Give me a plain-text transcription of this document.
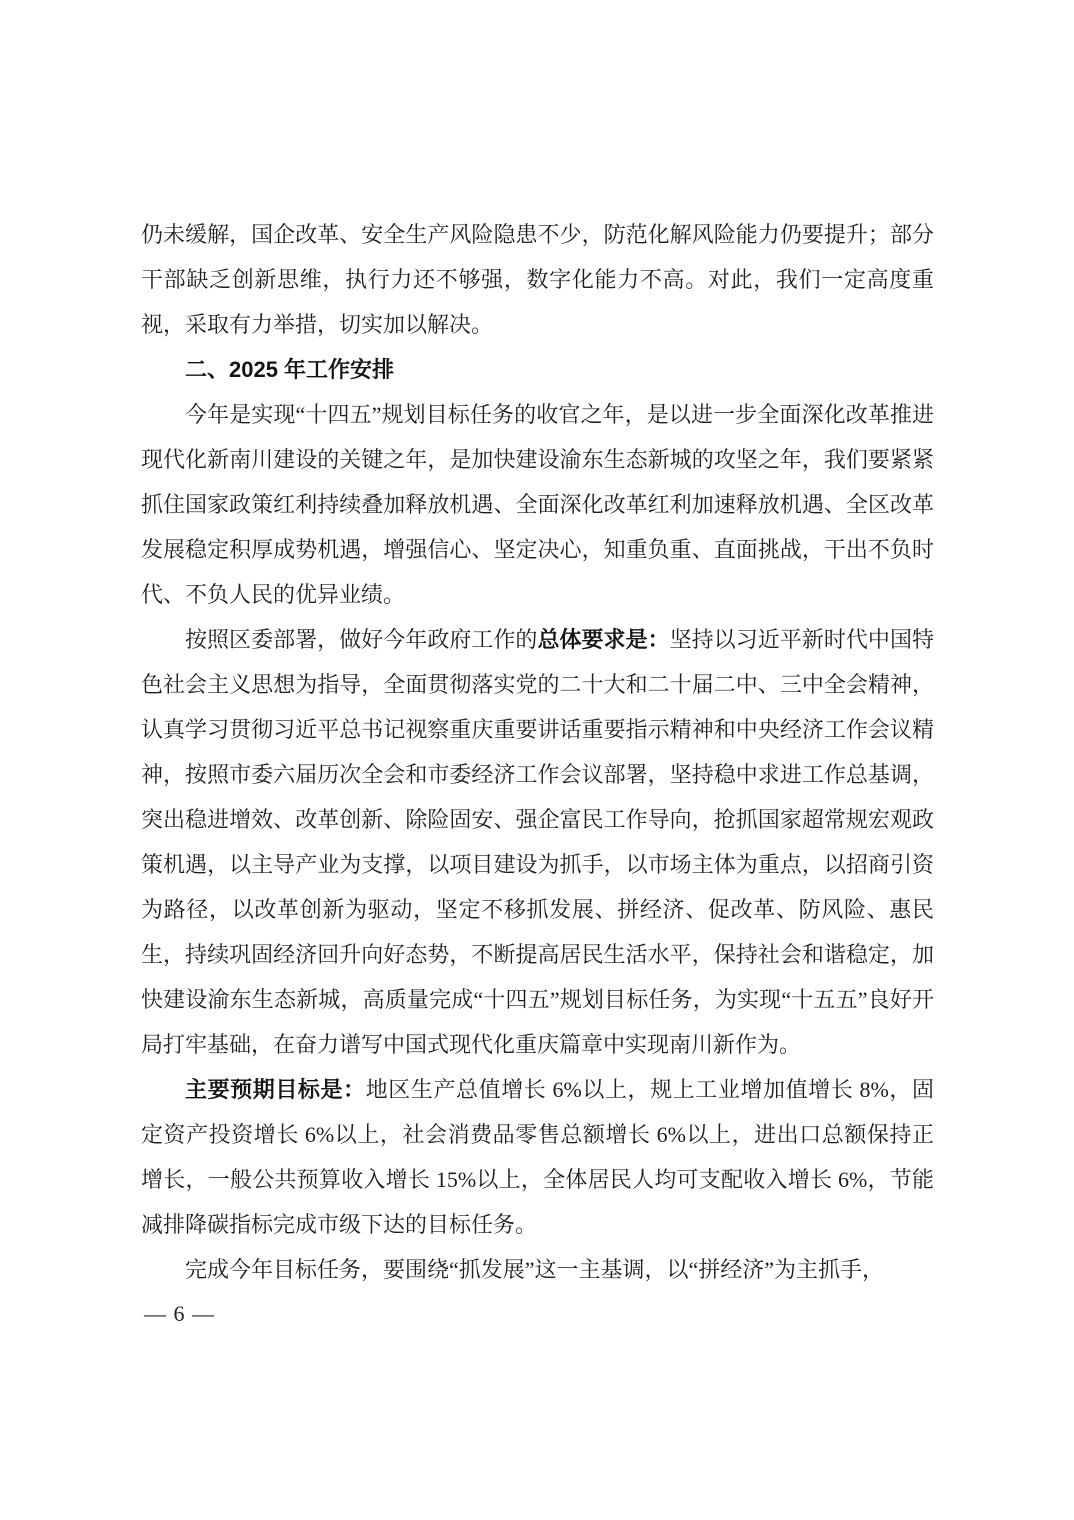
仍未缓解，国企改革、安全生产风险隐患不少，防范化解风险能力仍要提升；部分干部缺乏创新思维，执行力还不够强，数字化能力不高。对此，我们一定高度重视，采取有力举措，切实加以解决。

二、2025 年工作安排

今年是实现“十四五”规划目标任务的收官之年，是以进一步全面深化改革推进现代化新南川建设的关键之年，是加快建设渝东生态新城的攻坚之年，我们要紧紧抓住国家政策红利持续叠加释放机遇、全面深化改革红利加速释放机遇、全区改革发展稳定积厚成势机遇，增强信心、坚定决心，知重负重、直面挑战，干出不负时代、不负人民的优异业绩。

按照区委部署，做好今年政府工作的总体要求是：坚持以习近平新时代中国特色社会主义思想为指导，全面贯彻落实党的二十大和二十届二中、三中全会精神，认真学习贯彻习近平总书记视察重庆重要讲话重要指示精神和中央经济工作会议精神，按照市委六届历次全会和市委经济工作会议部署，坚持稳中求进工作总基调，突出稳进增效、改革创新、除险固安、强企富民工作导向，抢抓国家超常规宏观政策机遇，以主导产业为支撑，以项目建设为抓手，以市场主体为重点，以招商引资为路径，以改革创新为驱动，坚定不移抓发展、拼经济、促改革、防风险、惠民生，持续巩固经济回升向好态势，不断提高居民生活水平，保持社会和谐稳定，加快建设渝东生态新城，高质量完成“十四五”规划目标任务，为实现“十五五”良好开局打牢基础，在奋力谱写中国式现代化重庆篇章中实现南川新作为。

主要预期目标是：地区生产总值增长 6%以上，规上工业增加值增长 8%，固定资产投资增长 6%以上，社会消费品零售总额增长 6%以上，进出口总额保持正增长，一般公共预算收入增长 15%以上，全体居民人均可支配收入增长 6%，节能减排降碳指标完成市级下达的目标任务。

完成今年目标任务，要围绕“抓发展”这一主基调，以“拼经济”为主抓手，

— 6 —
